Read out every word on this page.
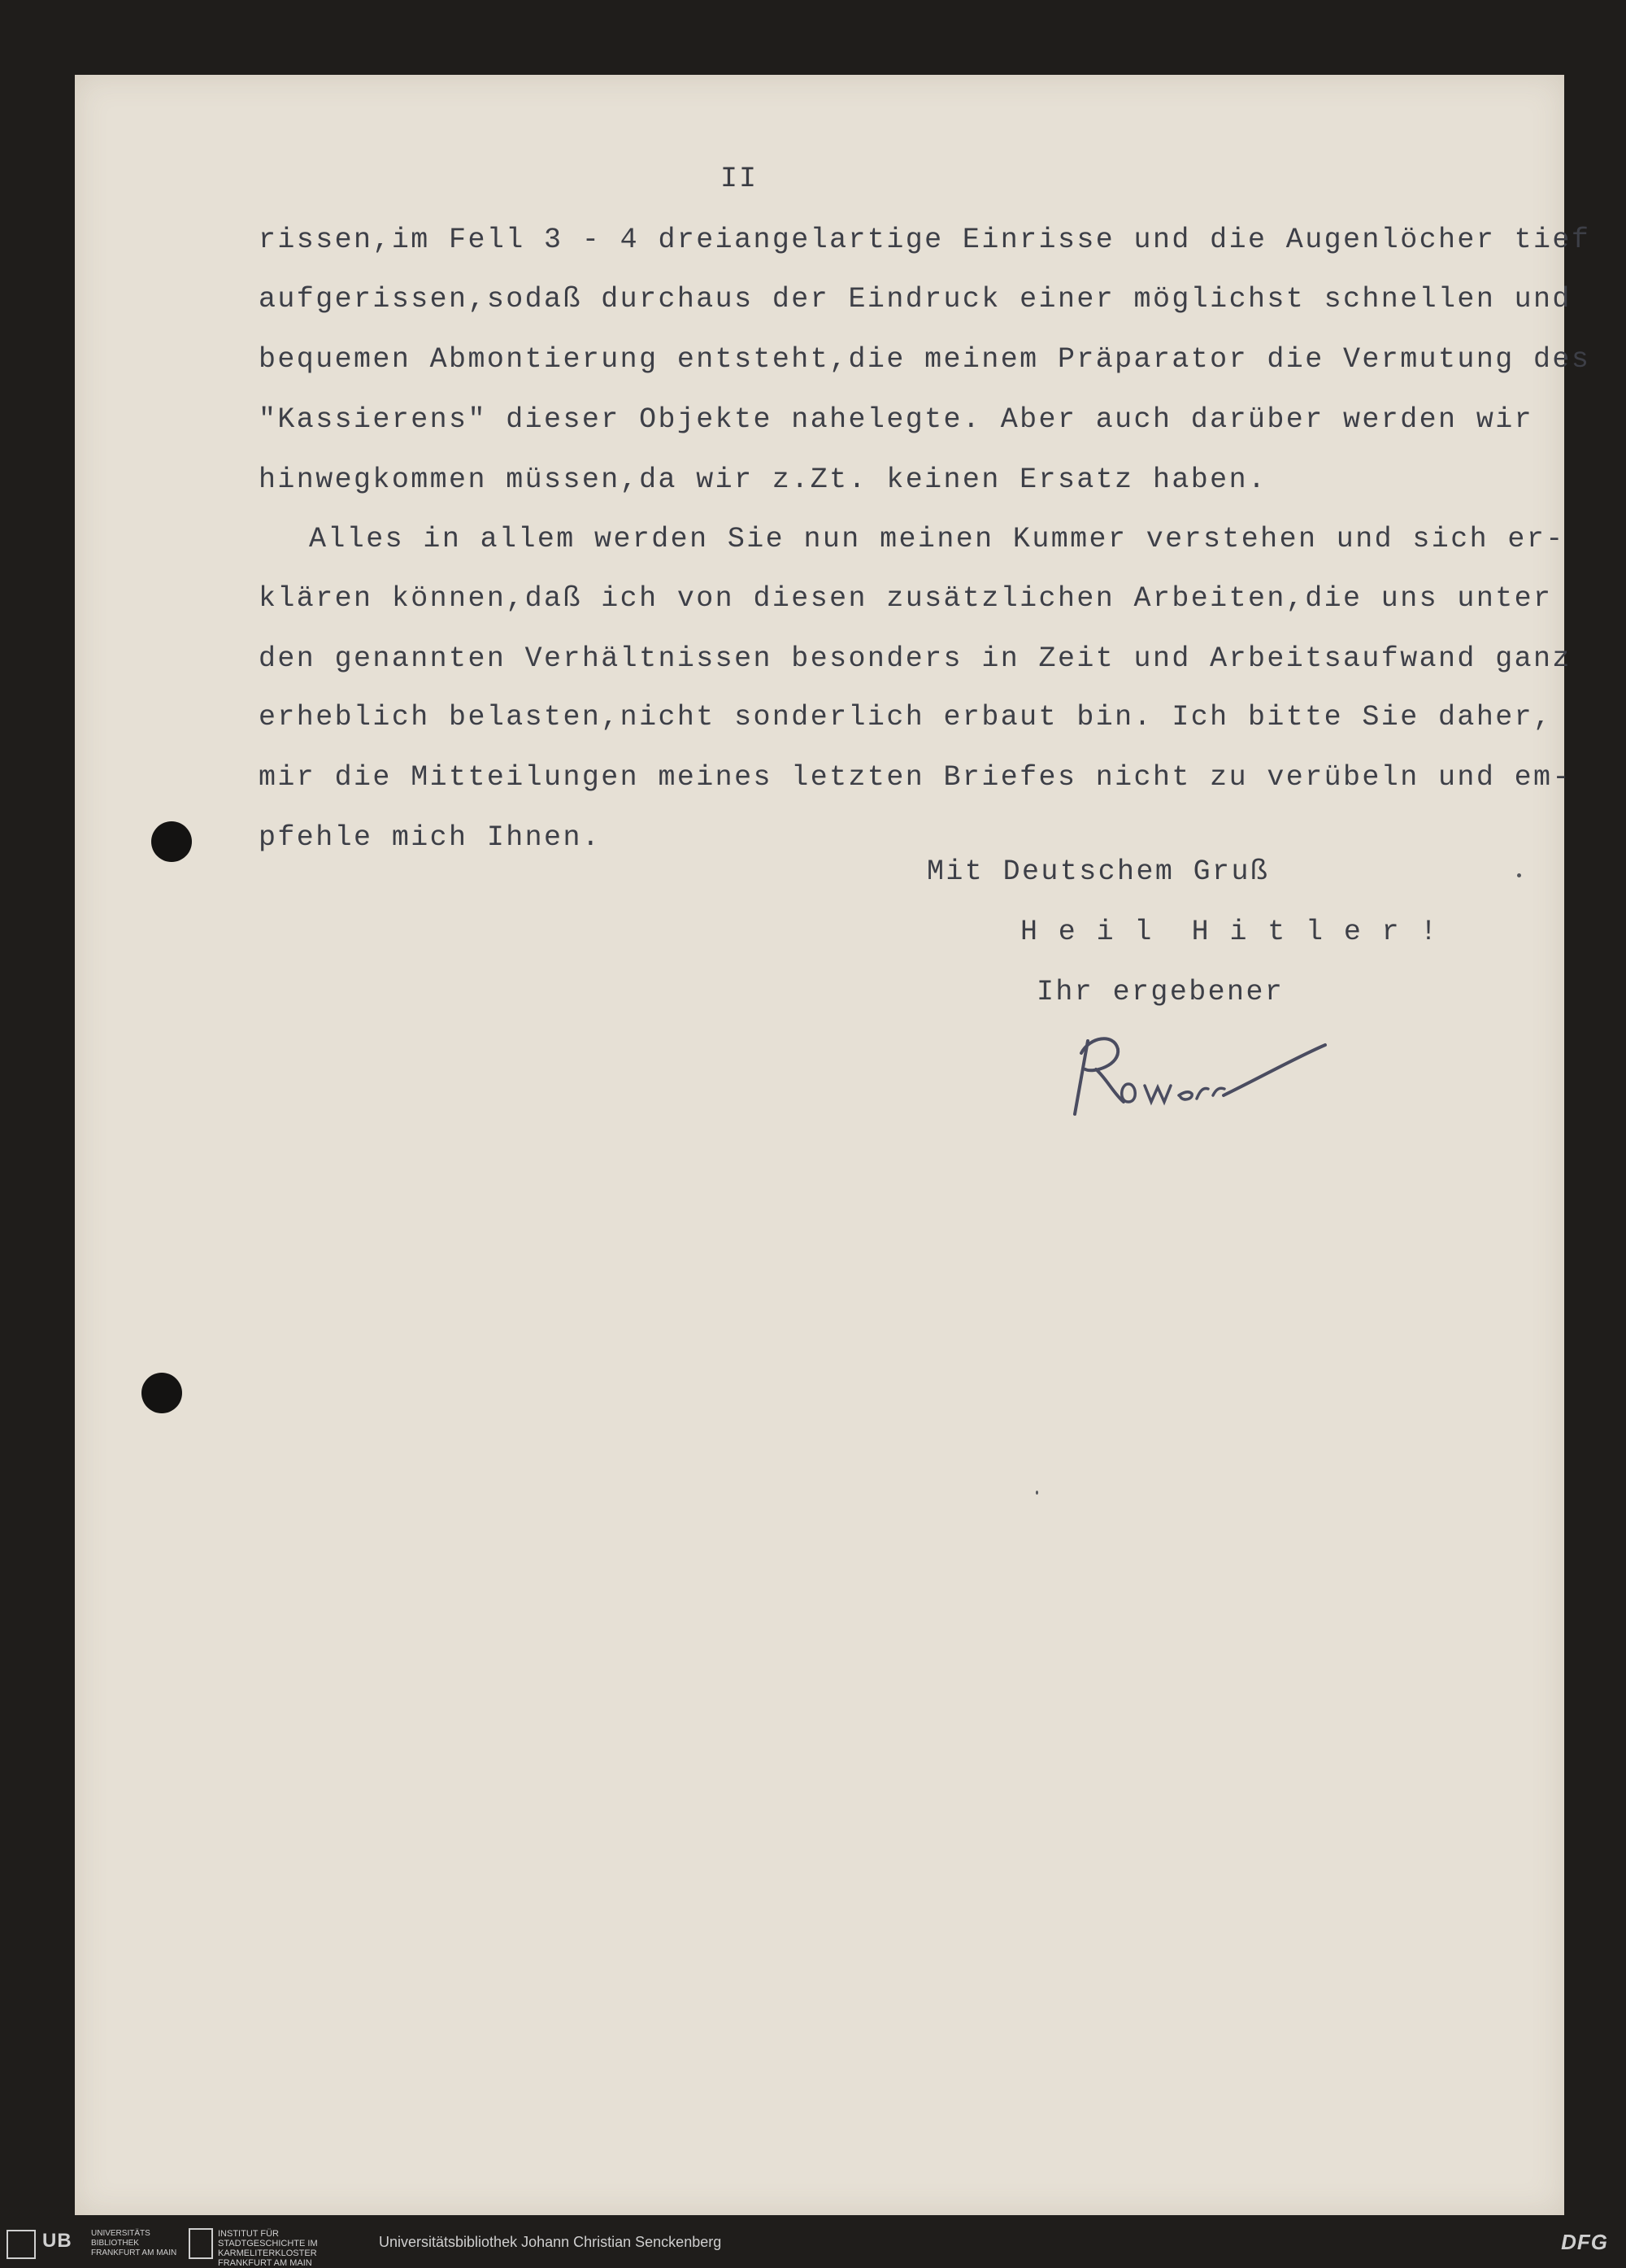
II

rissen,im Fell 3 - 4 dreiangelartige Einrisse und die Augenlöcher tief

aufgerissen,sodaß durchaus der Eindruck einer möglichst schnellen und

bequemen Abmontierung entsteht,die meinem Präparator die Vermutung des

"Kassierens" dieser Objekte nahelegte. Aber auch darüber werden wir

hinwegkommen müssen,da wir z.Zt. keinen Ersatz haben.

Alles in allem werden Sie nun meinen Kummer verstehen und sich er-

klären können,daß ich von diesen zusätzlichen Arbeiten,die uns unter

den genannten Verhältnissen besonders in Zeit und Arbeitsaufwand ganz

erheblich belasten,nicht sonderlich erbaut bin. Ich bitte Sie daher,

mir die Mitteilungen meines letzten Briefes nicht zu verübeln und em-

pfehle mich Ihnen.

Mit Deutschem Gruß

H e i l  H i t l e r !

Ihr ergebener

UB UNIVERSITÄTS BIBLIOTHEK FRANKFURT AM MAIN
INSTITUT FÜR STADTGESCHICHTE IM KARMELITERKLOSTER FRANKFURT AM MAIN
Universitätsbibliothek Johann Christian Senckenberg	DFG
